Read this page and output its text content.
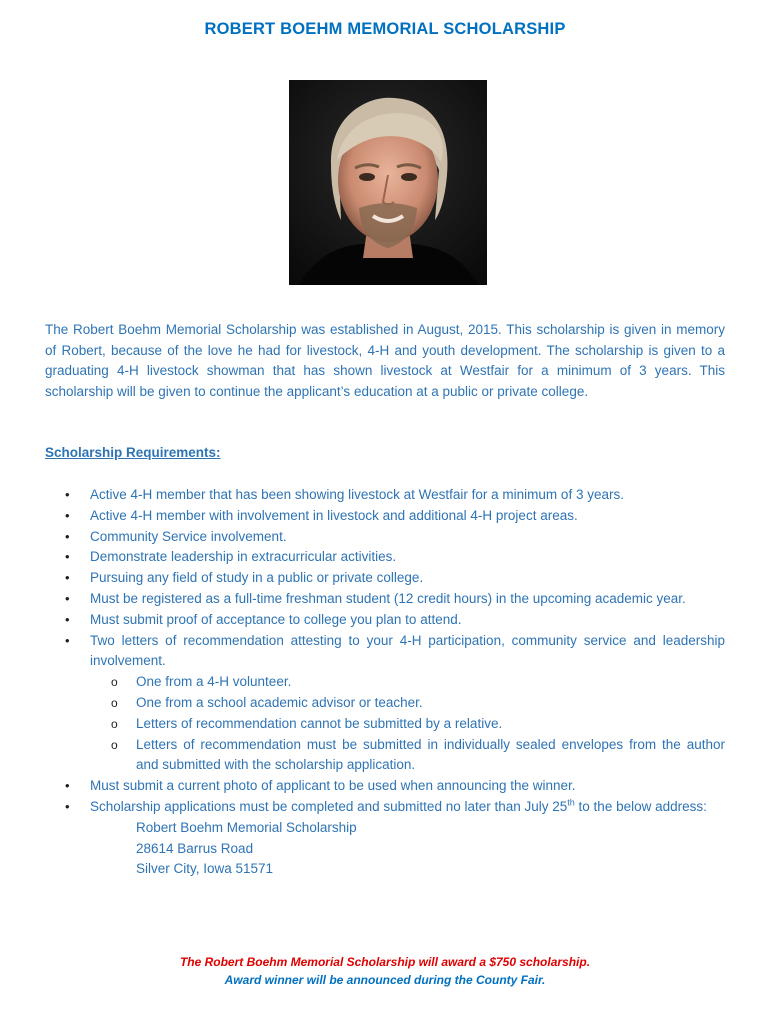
ROBERT BOEHM MEMORIAL SCHOLARSHIP
The Robert Boehm Memorial Scholarship was established in August, 2015. This scholarship is given in memory of Robert, because of the love he had for livestock, 4-H and youth development. The scholarship is given to a graduating 4-H livestock showman that has shown livestock at Westfair for a minimum of 3 years. This scholarship will be given to continue the applicant’s education at a public or private college.
Scholarship Requirements:
• Active 4-H member that has been showing livestock at Westfair for a minimum of 3 years.
• Active 4-H member with involvement in livestock and additional 4-H project areas.
• Community Service involvement.
• Demonstrate leadership in extracurricular activities.
• Pursuing any field of study in a public or private college.
• Must be registered as a full-time freshman student (12 credit hours) in the upcoming academic year.
• Must submit proof of acceptance to college you plan to attend.
• Two letters of recommendation attesting to your 4-H participation, community service and leadership involvement.
o One from a 4-H volunteer.
o One from a school academic advisor or teacher.
o Letters of recommendation cannot be submitted by a relative.
o Letters of recommendation must be submitted in individually sealed envelopes from the author and submitted with the scholarship application.
• Must submit a current photo of applicant to be used when announcing the winner.
• Scholarship applications must be completed and submitted no later than July 25th to the below address:
Robert Boehm Memorial Scholarship
28614 Barrus Road
Silver City, Iowa 51571
The Robert Boehm Memorial Scholarship will award a $750 scholarship.
Award winner will be announced during the County Fair.
